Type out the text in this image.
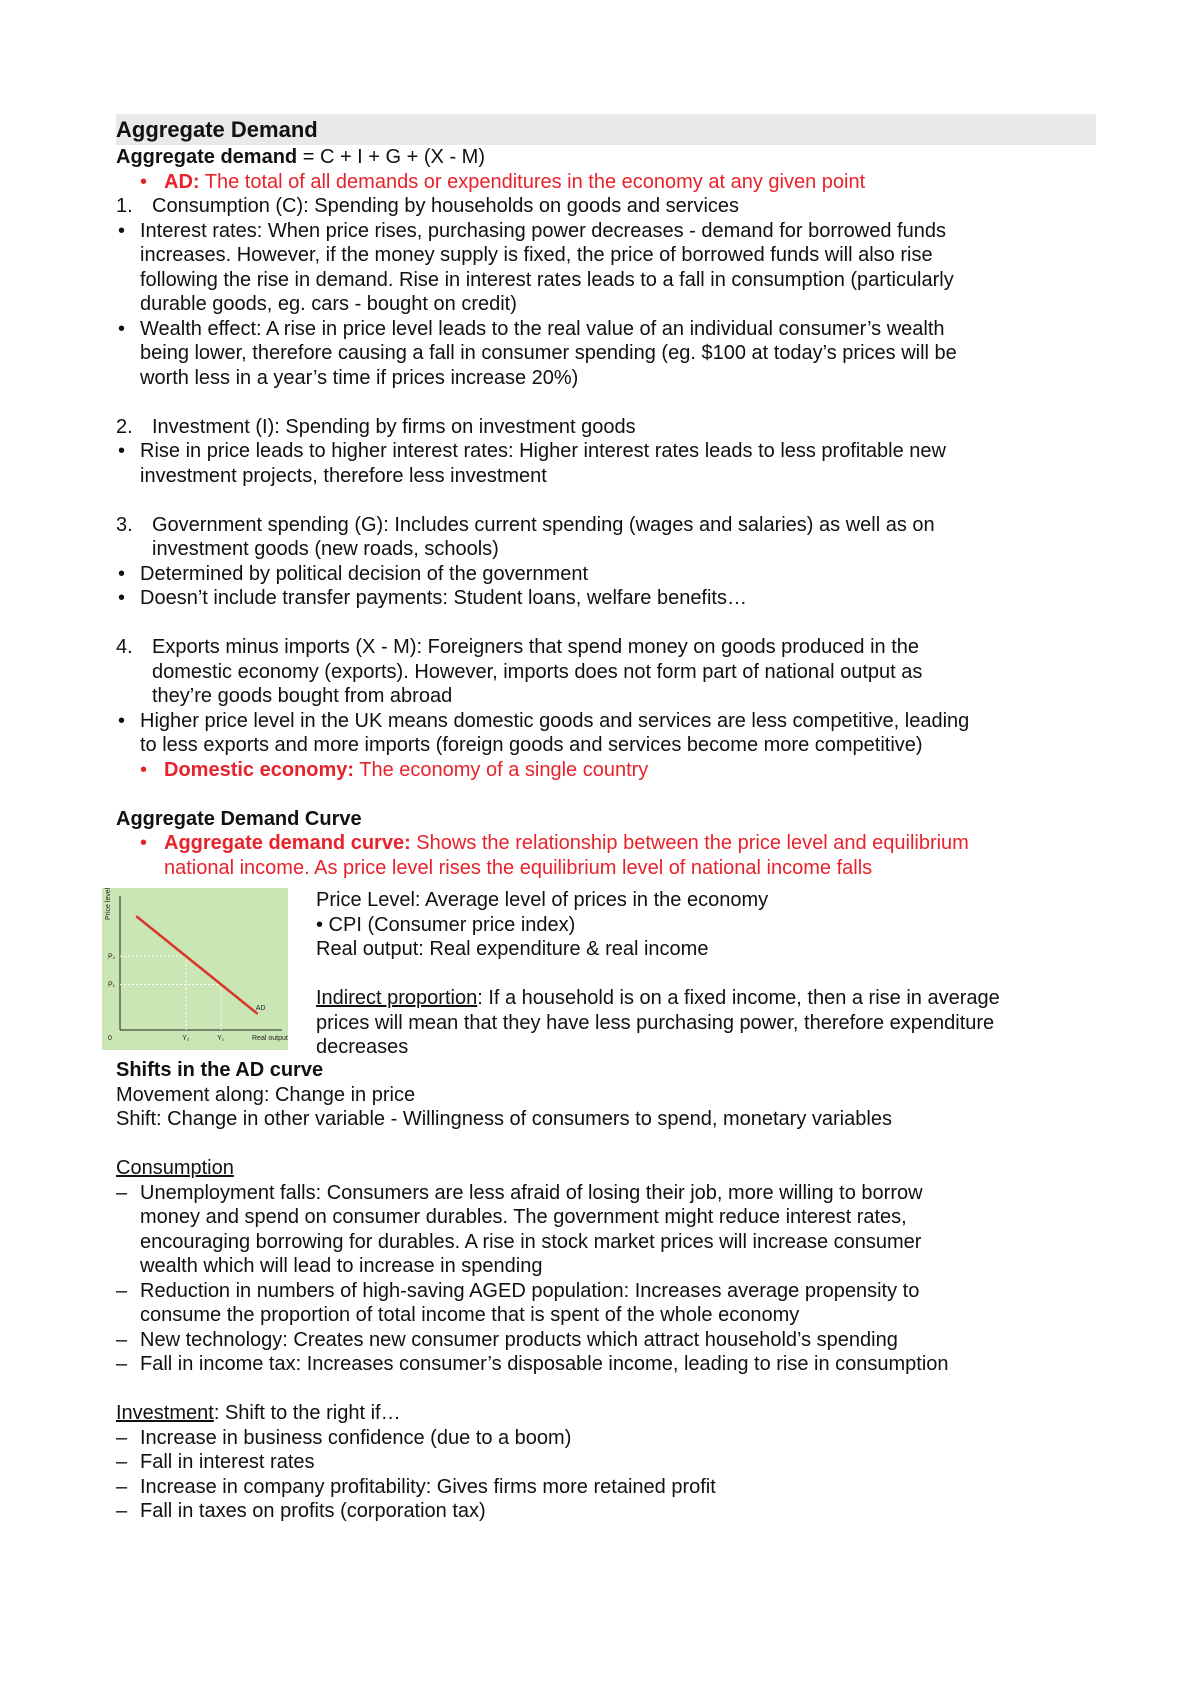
Aggregate Demand
Aggregate demand = C + I + G + (X - M)
• AD: The total of all demands or expenditures in the economy at any given point
1. Consumption (C): Spending by households on goods and services
• Interest rates: When price rises, purchasing power decreases - demand for borrowed funds
increases. However, if the money supply is fixed, the price of borrowed funds will also rise
following the rise in demand. Rise in interest rates leads to a fall in consumption (particularly
durable goods, eg. cars - bought on credit)
• Wealth effect: A rise in price level leads to the real value of an individual consumer’s wealth
being lower, therefore causing a fall in consumer spending (eg. $100 at today’s prices will be
worth less in a year’s time if prices increase 20%)
2. Investment (I): Spending by firms on investment goods
• Rise in price leads to higher interest rates: Higher interest rates leads to less profitable new
investment projects, therefore less investment
3. Government spending (G): Includes current spending (wages and salaries) as well as on
investment goods (new roads, schools)
• Determined by political decision of the government
• Doesn’t include transfer payments: Student loans, welfare benefits…
4. Exports minus imports (X - M): Foreigners that spend money on goods produced in the
domestic economy (exports). However, imports does not form part of national output as
they’re goods bought from abroad
• Higher price level in the UK means domestic goods and services are less competitive, leading
to less exports and more imports (foreign goods and services become more competitive)
• Domestic economy: The economy of a single country
Aggregate Demand Curve
• Aggregate demand curve: Shows the relationship between the price level and equilibrium
national income. As price level rises the equilibrium level of national income falls
Price level
Real output
0
P₂
P₁
Y₂	Y₁
AD
Price Level: Average level of prices in the economy
• CPI (Consumer price index)
Real output: Real expenditure & real income
Indirect proportion: If a household is on a fixed income, then a rise in average
prices will mean that they have less purchasing power, therefore expenditure
decreases
Shifts in the AD curve
Movement along: Change in price
Shift: Change in other variable - Willingness of consumers to spend, monetary variables
Consumption
– Unemployment falls: Consumers are less afraid of losing their job, more willing to borrow
money and spend on consumer durables. The government might reduce interest rates,
encouraging borrowing for durables. A rise in stock market prices will increase consumer
wealth which will lead to increase in spending
– Reduction in numbers of high-saving AGED population: Increases average propensity to
consume the proportion of total income that is spent of the whole economy
– New technology: Creates new consumer products which attract household’s spending
– Fall in income tax: Increases consumer’s disposable income, leading to rise in consumption
Investment: Shift to the right if…
– Increase in business confidence (due to a boom)
– Fall in interest rates
– Increase in company profitability: Gives firms more retained profit
– Fall in taxes on profits (corporation tax)
